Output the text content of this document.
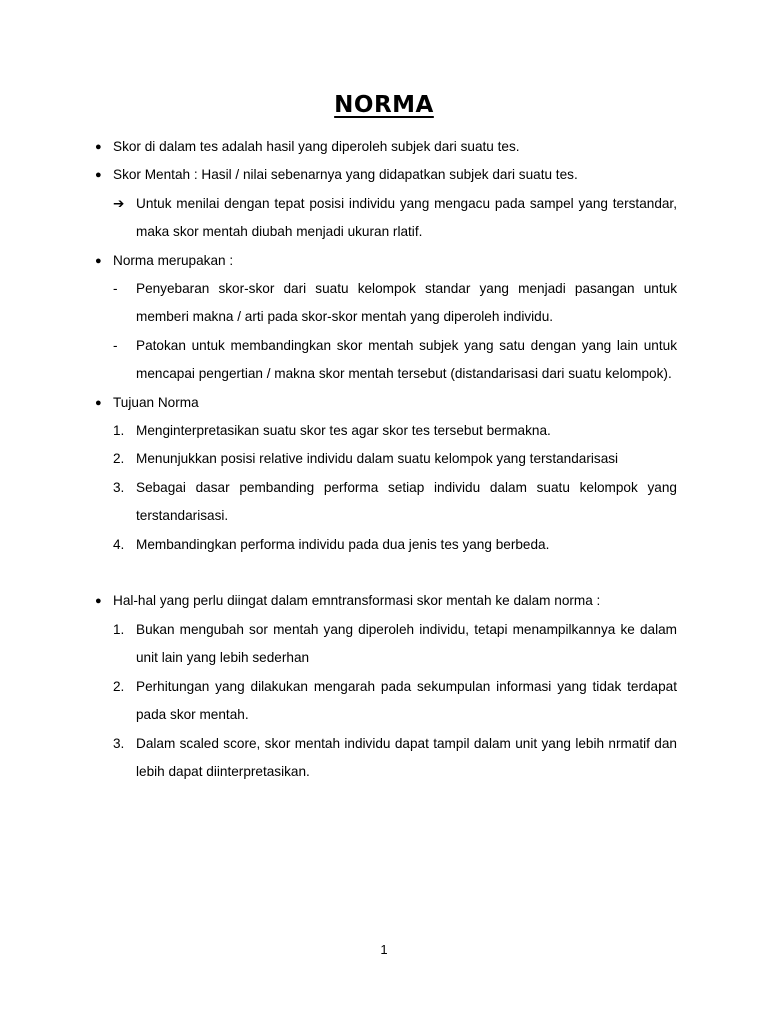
NORMA
● Skor di dalam tes adalah hasil yang diperoleh subjek dari suatu tes.
● Skor Mentah : Hasil / nilai sebenarnya yang didapatkan subjek dari suatu tes.
➔ Untuk menilai dengan tepat posisi individu yang mengacu pada sampel yang terstandar, maka skor mentah diubah menjadi ukuran rlatif.
● Norma merupakan :
- Penyebaran skor-skor dari suatu kelompok standar yang menjadi pasangan untuk memberi makna / arti pada skor-skor mentah yang diperoleh individu.
- Patokan untuk membandingkan skor mentah subjek yang satu dengan yang lain untuk mencapai pengertian / makna skor mentah tersebut (distandarisasi dari suatu kelompok).
● Tujuan Norma
1. Menginterpretasikan suatu skor tes agar skor tes tersebut bermakna.
2. Menunjukkan posisi relative individu dalam suatu kelompok yang terstandarisasi
3. Sebagai dasar pembanding performa setiap individu dalam suatu kelompok yang terstandarisasi.
4. Membandingkan performa individu pada dua jenis tes yang berbeda.
● Hal-hal yang perlu diingat dalam emntransformasi skor mentah ke dalam norma :
1. Bukan mengubah sor mentah yang diperoleh individu, tetapi menampilkannya ke dalam unit lain yang lebih sederhan
2. Perhitungan yang dilakukan mengarah pada sekumpulan informasi yang tidak terdapat pada skor mentah.
3. Dalam scaled score, skor mentah individu dapat tampil dalam unit yang lebih nrmatif dan lebih dapat diinterpretasikan.
1
